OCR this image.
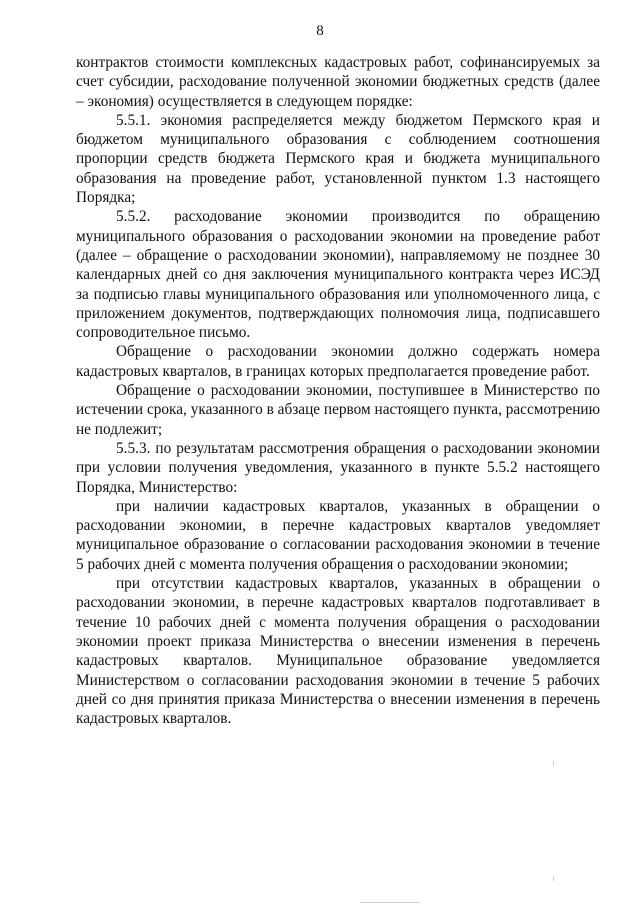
8

контрактов стоимости комплексных кадастровых работ, софинансируемых за счет субсидии, расходование полученной экономии бюджетных средств (далее – экономия) осуществляется в следующем порядке:

5.5.1. экономия распределяется между бюджетом Пермского края и бюджетом муниципального образования с соблюдением соотношения пропорции средств бюджета Пермского края и бюджета муниципального образования на проведение работ, установленной пунктом 1.3 настоящего Порядка;

5.5.2. расходование экономии производится по обращению муниципального образования о расходовании экономии на проведение работ (далее – обращение о расходовании экономии), направляемому не позднее 30 календарных дней со дня заключения муниципального контракта через ИСЭД за подписью главы муниципального образования или уполномоченного лица, с приложением документов, подтверждающих полномочия лица, подписавшего сопроводительное письмо.

Обращение о расходовании экономии должно содержать номера кадастровых кварталов, в границах которых предполагается проведение работ.

Обращение о расходовании экономии, поступившее в Министерство по истечении срока, указанного в абзаце первом настоящего пункта, рассмотрению не подлежит;

5.5.3. по результатам рассмотрения обращения о расходовании экономии при условии получения уведомления, указанного в пункте 5.5.2 настоящего Порядка, Министерство:

при наличии кадастровых кварталов, указанных в обращении о расходовании экономии, в перечне кадастровых кварталов уведомляет муниципальное образование о согласовании расходования экономии в течение 5 рабочих дней с момента получения обращения о расходовании экономии;

при отсутствии кадастровых кварталов, указанных в обращении о расходовании экономии, в перечне кадастровых кварталов подготавливает в течение 10 рабочих дней с момента получения обращения о расходовании экономии проект приказа Министерства о внесении изменения в перечень кадастровых кварталов. Муниципальное образование уведомляется Министерством о согласовании расходования экономии в течение 5 рабочих дней со дня принятия приказа Министерства о внесении изменения в перечень кадастровых кварталов.
